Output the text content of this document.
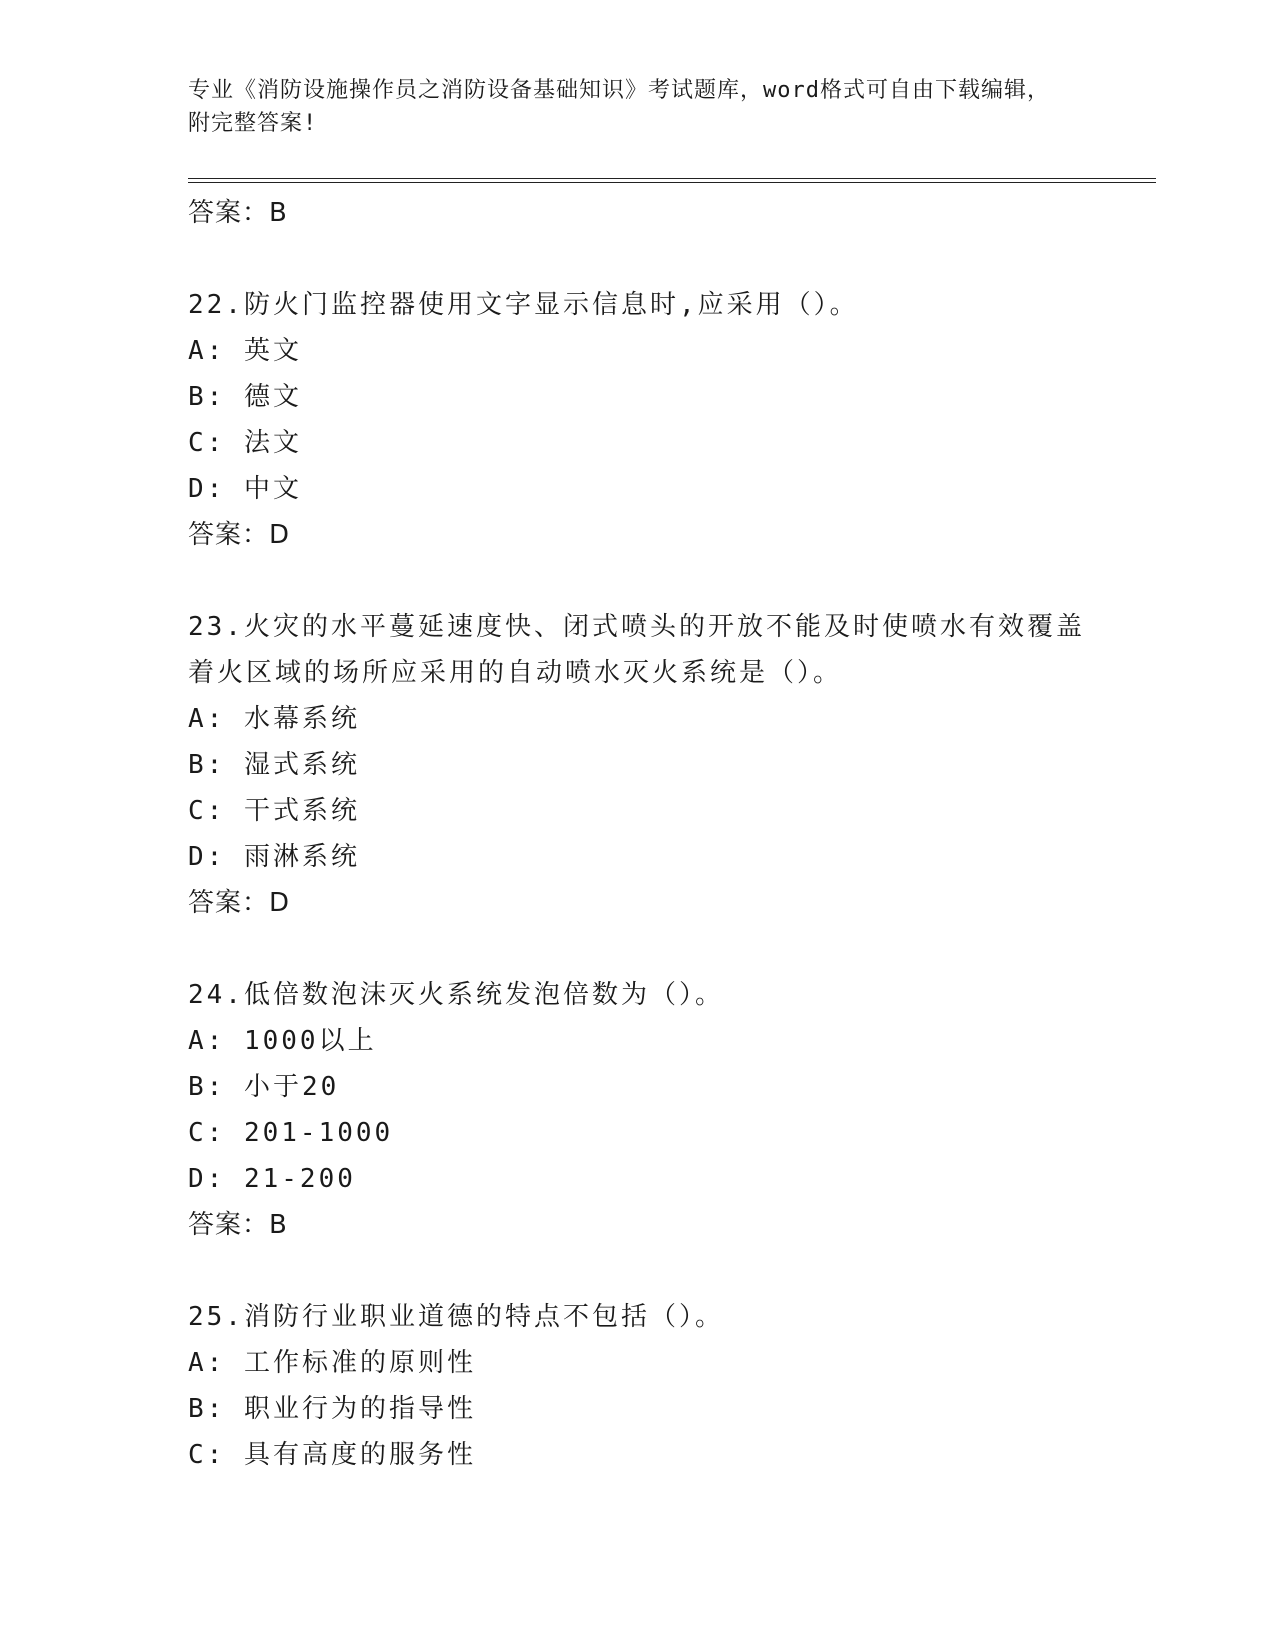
专业《消防设施操作员之消防设备基础知识》考试题库，word格式可自由下载编辑，附完整答案!
答案：B
22.防火门监控器使用文字显示信息时,应采用（）。
A: 英文
B: 德文
C: 法文
D: 中文
答案：D
23.火灾的水平蔓延速度快、闭式喷头的开放不能及时使喷水有效覆盖着火区域的场所应采用的自动喷水灭火系统是（）。
A: 水幕系统
B: 湿式系统
C: 干式系统
D: 雨淋系统
答案：D
24.低倍数泡沫灭火系统发泡倍数为（）。
A: 1000以上
B: 小于20
C: 201-1000
D: 21-200
答案：B
25.消防行业职业道德的特点不包括（）。
A: 工作标准的原则性
B: 职业行为的指导性
C: 具有高度的服务性
